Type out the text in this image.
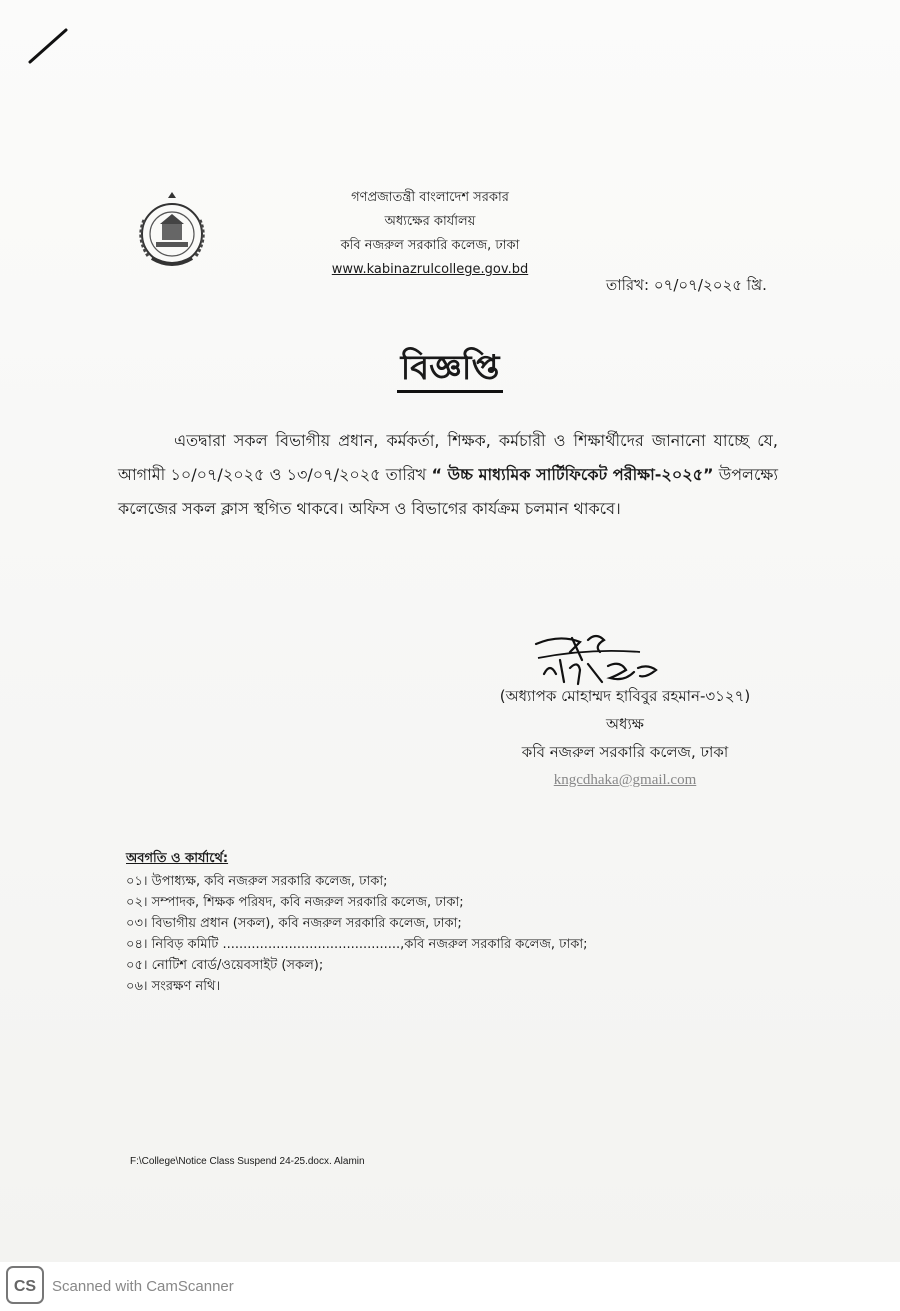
গণপ্রজাতন্ত্রী বাংলাদেশ সরকার
অধ্যক্ষের কার্যালয়
কবি নজরুল সরকারি কলেজ, ঢাকা
www.kabinazrulcollege.gov.bd
তারিখ: ০৭/০৭/২০২৫ খ্রি.
বিজ্ঞপ্তি

এতদ্বারা সকল বিভাগীয় প্রধান, কর্মকর্তা, শিক্ষক, কর্মচারী ও শিক্ষার্থীদের জানানো যাচ্ছে যে, আগামী ১০/০৭/২০২৫ ও ১৩/০৭/২০২৫ তারিখ “ উচ্চ মাধ্যমিক সার্টিফিকেট পরীক্ষা-২০২৫” উপলক্ষ্যে কলেজের সকল ক্লাস স্থগিত থাকবে। অফিস ও বিভাগের কার্যক্রম চলমান থাকবে।

(অধ্যাপক মোহাম্মদ হাবিবুর রহমান-৩১২৭)
অধ্যক্ষ
কবি নজরুল সরকারি কলেজ, ঢাকা
kngcdhaka@gmail.com
অবগতি ও কার্যার্থে:
০১। উপাধ্যক্ষ, কবি নজরুল সরকারি কলেজ, ঢাকা;
০২। সম্পাদক, শিক্ষক পরিষদ, কবি নজরুল সরকারি কলেজ, ঢাকা;
০৩। বিভাগীয় প্রধান (সকল), কবি নজরুল সরকারি কলেজ, ঢাকা;
০৪। নিবিড় কমিটি ...........................................,কবি নজরুল সরকারি কলেজ, ঢাকা;
০৫। নোটিশ বোর্ড/ওয়েবসাইট (সকল);
০৬। সংরক্ষণ নথি।
F:\College\Notice Class Suspend 24-25.docx. Alamin
CS Scanned with CamScanner
